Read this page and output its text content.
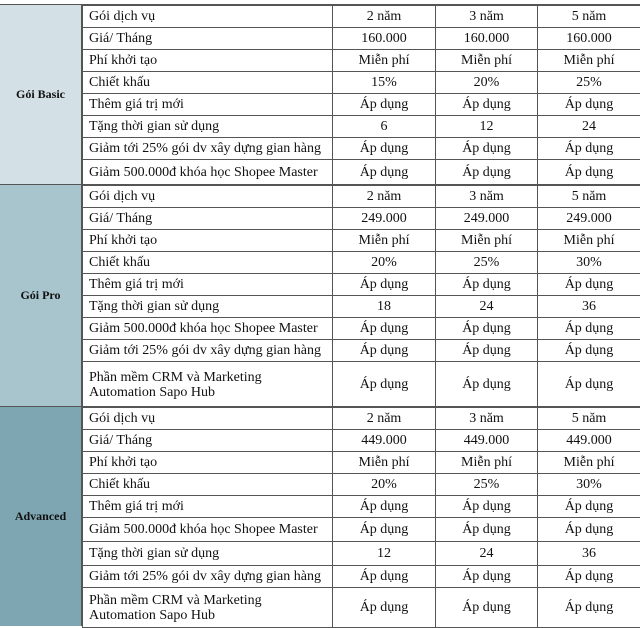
Gói Basic
Gói dịch vụ	2 năm	3 năm	5 năm
Giá/ Tháng	160.000	160.000	160.000
Phí khởi tạo	Miễn phí	Miễn phí	Miễn phí
Chiết khấu	15%	20%	25%
Thêm giá trị mới	Áp dụng	Áp dụng	Áp dụng
Tặng thời gian sử dụng	6	12	24
Giảm tới 25% gói dv xây dựng gian hàng	Áp dụng	Áp dụng	Áp dụng
Giảm 500.000đ khóa học Shopee Master	Áp dụng	Áp dụng	Áp dụng
Gói Pro
Gói dịch vụ	2 năm	3 năm	5 năm
Giá/ Tháng	249.000	249.000	249.000
Phí khởi tạo	Miễn phí	Miễn phí	Miễn phí
Chiết khấu	20%	25%	30%
Thêm giá trị mới	Áp dụng	Áp dụng	Áp dụng
Tặng thời gian sử dụng	18	24	36
Giảm 500.000đ khóa học Shopee Master	Áp dụng	Áp dụng	Áp dụng
Giảm tới 25% gói dv xây dựng gian hàng	Áp dụng	Áp dụng	Áp dụng
Phần mềm CRM và Marketing Automation Sapo Hub	Áp dụng	Áp dụng	Áp dụng
Advanced
Gói dịch vụ	2 năm	3 năm	5 năm
Giá/ Tháng	449.000	449.000	449.000
Phí khởi tạo	Miễn phí	Miễn phí	Miễn phí
Chiết khấu	20%	25%	30%
Thêm giá trị mới	Áp dụng	Áp dụng	Áp dụng
Giảm 500.000đ khóa học Shopee Master	Áp dụng	Áp dụng	Áp dụng
Tặng thời gian sử dụng	12	24	36
Giảm tới 25% gói dv xây dựng gian hàng	Áp dụng	Áp dụng	Áp dụng
Phần mềm CRM và Marketing Automation Sapo Hub	Áp dụng	Áp dụng	Áp dụng
